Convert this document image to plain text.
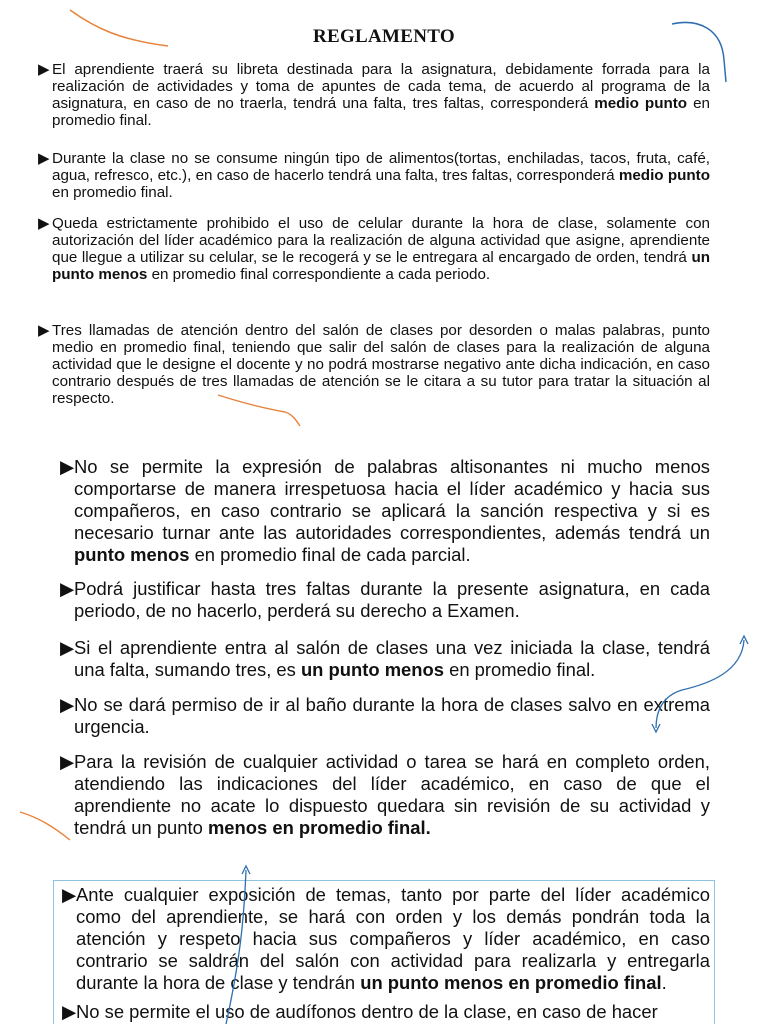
REGLAMENTO
▶ El aprendiente traerá su libreta destinada para la asignatura, debidamente forrada para la realización de actividades y toma de apuntes de cada tema, de acuerdo al programa de la asignatura, en caso de no traerla, tendrá una falta, tres faltas, corresponderá medio punto en promedio final.
▶ Durante la clase no se consume ningún tipo de alimentos(tortas, enchiladas, tacos, fruta, café, agua, refresco, etc.), en caso de hacerlo tendrá una falta, tres faltas, corresponderá medio punto en promedio final.
▶ Queda estrictamente prohibido el uso de celular durante la hora de clase, solamente con autorización del líder académico para la realización de alguna actividad que asigne, aprendiente que llegue a utilizar su celular, se le recogerá y se le entregara al encargado de orden, tendrá un punto menos en promedio final correspondiente a cada periodo.
▶ Tres llamadas de atención dentro del salón de clases por desorden o malas palabras, punto medio en promedio final, teniendo que salir del salón de clases para la realización de alguna actividad que le designe el docente y no podrá mostrarse negativo ante dicha indicación, en caso contrario después de tres llamadas de atención se le citara a su tutor para tratar la situación al respecto.
▶ No se permite la expresión de palabras altisonantes ni mucho menos comportarse de manera irrespetuosa hacia el líder académico y hacia sus compañeros, en caso contrario se aplicará la sanción respectiva y si es necesario turnar ante las autoridades correspondientes, además tendrá un punto menos en promedio final de cada parcial.
▶ Podrá justificar hasta tres faltas durante la presente asignatura, en cada periodo, de no hacerlo, perderá su derecho a Examen.
▶ Si el aprendiente entra al salón de clases una vez iniciada la clase, tendrá una falta, sumando tres, es un punto menos en promedio final.
▶ No se dará permiso de ir al baño durante la hora de clases salvo en extrema urgencia.
▶ Para la revisión de cualquier actividad o tarea se hará en completo orden, atendiendo las indicaciones del líder académico, en caso de que el aprendiente no acate lo dispuesto quedara sin revisión de su actividad y tendrá un punto menos en promedio final.
▶ Ante cualquier exposición de temas, tanto por parte del líder académico como del aprendiente, se hará con orden y los demás pondrán toda la atención y respeto hacia sus compañeros y líder académico, en caso contrario se saldrán del salón con actividad para realizarla y entregarla durante la hora de clase y tendrán un punto menos en promedio final.
▶ No se permite el uso de audífonos dentro de la clase, en caso de hacer
